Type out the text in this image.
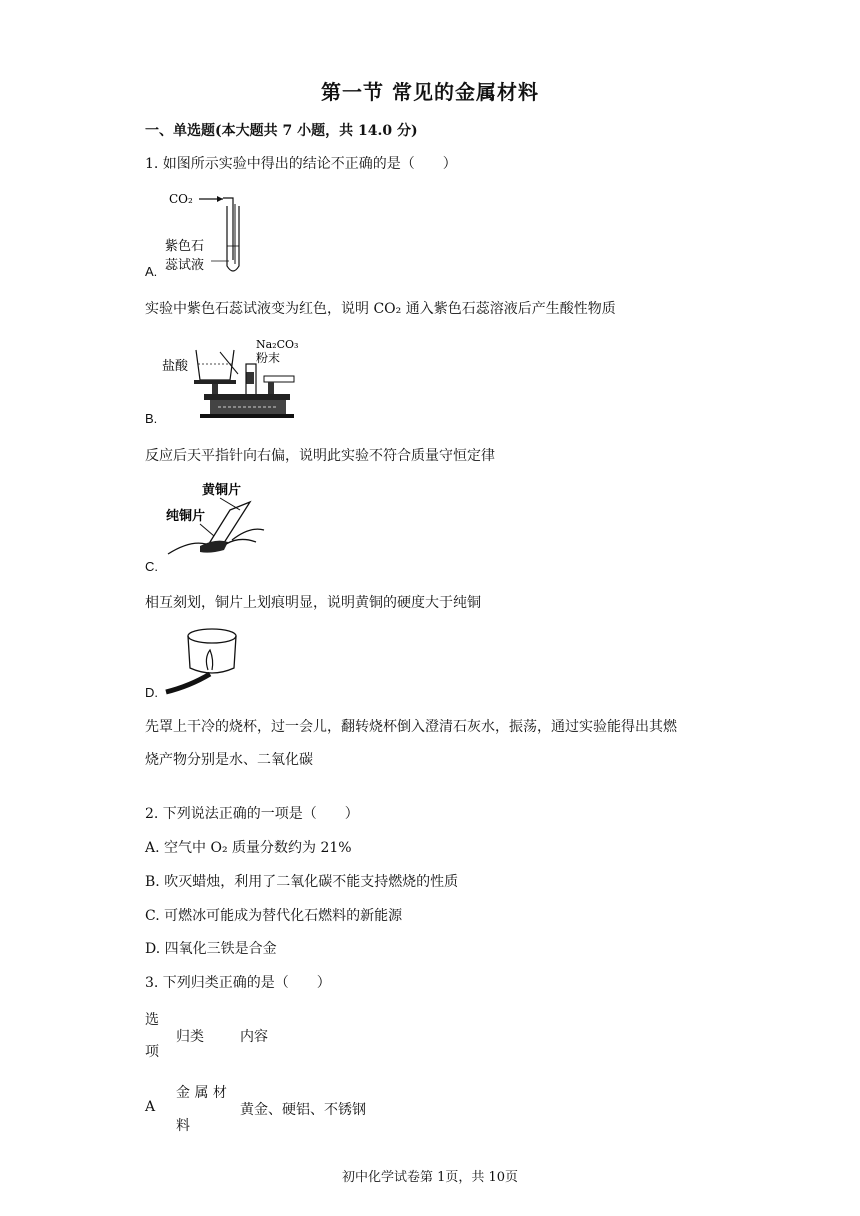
第一节 常见的金属材料
一、单选题(本大题共 7 小题，共 14.0 分)
1. 如图所示实验中得出的结论不正确的是（　　）
CO₂
紫色石
蕊试液
A.
实验中紫色石蕊试液变为红色，说明 CO₂ 通入紫色石蕊溶液后产生酸性物质
盐酸
Na₂CO₃
粉末
B.
反应后天平指针向右偏，说明此实验不符合质量守恒定律
黄铜片
纯铜片
C.
相互刻划，铜片上划痕明显，说明黄铜的硬度大于纯铜
D.
先罩上干冷的烧杯，过一会儿，翻转烧杯倒入澄清石灰水，振荡，通过实验能得出其燃
烧产物分别是水、二氧化碳
2. 下列说法正确的一项是（　　）
A. 空气中 O₂ 质量分数约为 21%
B. 吹灭蜡烛，利用了二氧化碳不能支持燃烧的性质
C. 可燃冰可能成为替代化石燃料的新能源
D. 四氧化三铁是合金
3. 下列归类正确的是（　　）
选
项
归类	内容
A
金 属 材
料
黄金、硬铝、不锈钢
初中化学试卷第 1页，共 10页
